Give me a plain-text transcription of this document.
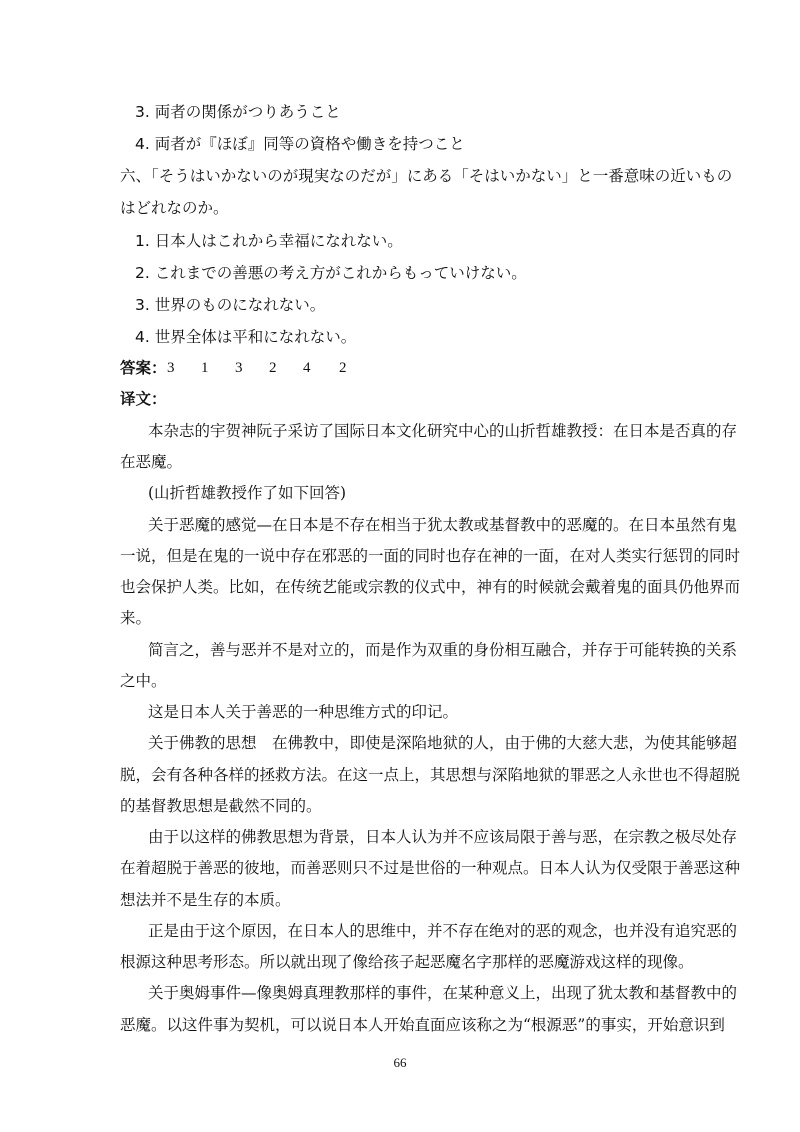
3. 両者の関係がつりあうこと
4. 両者が『ほぼ』同等の資格や働きを持つこと
六、「そうはいかないのが現実なのだが」にある「そはいかない」と一番意味の近いもの
はどれなのか。
1. 日本人はこれから幸福になれない。
2. これまでの善悪の考え方がこれからもっていけない。
3. 世界のものになれない。
4. 世界全体は平和になれない。
答案： 3 1 3 2 4 2
译文：
本杂志的宇贺神阮子采访了国际日本文化研究中心的山折哲雄教授：在日本是否真的存
在恶魔。
(山折哲雄教授作了如下回答)
关于恶魔的感觉—在日本是不存在相当于犹太教或基督教中的恶魔的。在日本虽然有鬼
一说，但是在鬼的一说中存在邪恶的一面的同时也存在神的一面，在对人类实行惩罚的同时
也会保护人类。比如，在传统艺能或宗教的仪式中，神有的时候就会戴着鬼的面具仍他界而
来。
简言之，善与恶并不是对立的，而是作为双重的身份相互融合，并存于可能转换的关系
之中。
这是日本人关于善恶的一种思维方式的印记。
关于佛教的思想　在佛教中，即使是深陷地狱的人，由于佛的大慈大悲，为使其能够超
脱，会有各种各样的拯救方法。在这一点上，其思想与深陷地狱的罪恶之人永世也不得超脱
的基督教思想是截然不同的。
由于以这样的佛教思想为背景，日本人认为并不应该局限于善与恶，在宗教之极尽处存
在着超脱于善恶的彼地，而善恶则只不过是世俗的一种观点。日本人认为仅受限于善恶这种
想法并不是生存的本质。
正是由于这个原因，在日本人的思维中，并不存在绝对的恶的观念，也并没有追究恶的
根源这种思考形态。所以就出现了像给孩子起恶魔名字那样的恶魔游戏这样的现像。
关于奥姆事件—像奥姆真理教那样的事件，在某种意义上，出现了犹太教和基督教中的
恶魔。以这件事为契机，可以说日本人开始直面应该称之为“根源恶”的事实，开始意识到
66
